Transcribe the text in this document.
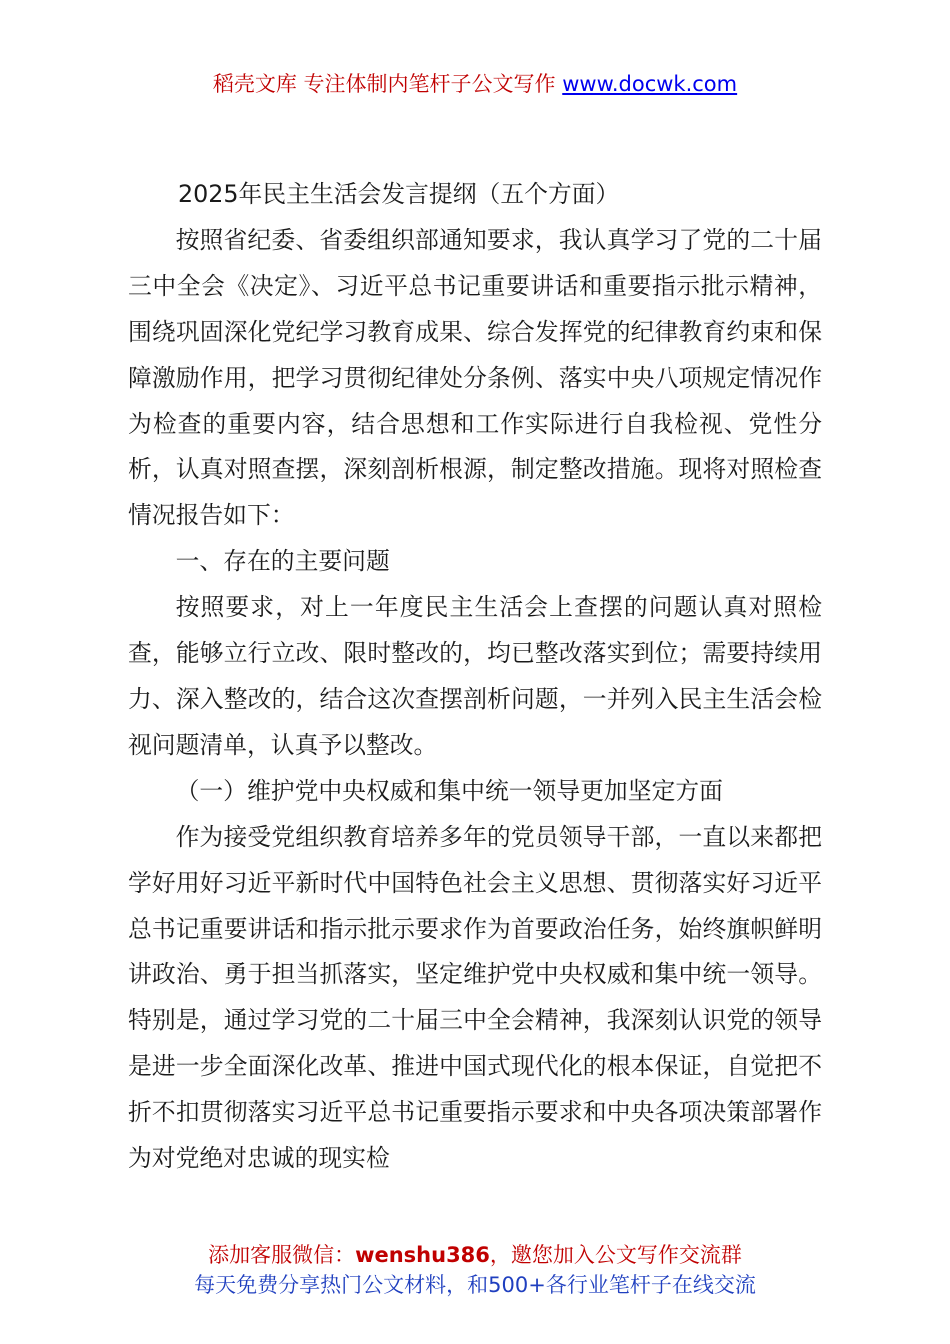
稻壳文库 专注体制内笔杆子公文写作 www.docwk.com

2025年民主生活会发言提纲（五个方面）

按照省纪委、省委组织部通知要求，我认真学习了党的二十届三中全会《决定》、习近平总书记重要讲话和重要指示批示精神，围绕巩固深化党纪学习教育成果、综合发挥党的纪律教育约束和保障激励作用，把学习贯彻纪律处分条例、落实中央八项规定情况作为检查的重要内容，结合思想和工作实际进行自我检视、党性分析，认真对照查摆，深刻剖析根源，制定整改措施。现将对照检查情况报告如下：

一、存在的主要问题

按照要求，对上一年度民主生活会上查摆的问题认真对照检查，能够立行立改、限时整改的，均已整改落实到位；需要持续用力、深入整改的，结合这次查摆剖析问题，一并列入民主生活会检视问题清单，认真予以整改。

（一）维护党中央权威和集中统一领导更加坚定方面

作为接受党组织教育培养多年的党员领导干部，一直以来都把学好用好习近平新时代中国特色社会主义思想、贯彻落实好习近平总书记重要讲话和指示批示要求作为首要政治任务，始终旗帜鲜明讲政治、勇于担当抓落实，坚定维护党中央权威和集中统一领导。特别是，通过学习党的二十届三中全会精神，我深刻认识党的领导是进一步全面深化改革、推进中国式现代化的根本保证，自觉把不折不扣贯彻落实习近平总书记重要指示要求和中央各项决策部署作为对党绝对忠诚的现实检

添加客服微信：wenshu386，邀您加入公文写作交流群
每天免费分享热门公文材料，和500+各行业笔杆子在线交流
